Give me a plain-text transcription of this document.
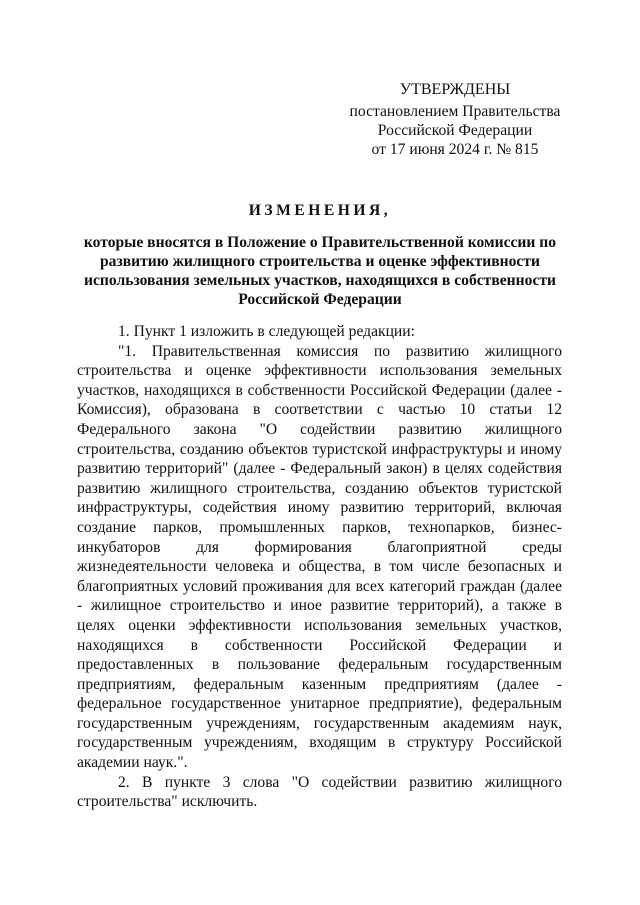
УТВЕРЖДЕНЫ
постановлением Правительства
Российской Федерации
от 17 июня 2024 г. № 815
ИЗМЕНЕНИЯ,
которые вносятся в Положение о Правительственной комиссии по развитию жилищного строительства и оценке эффективности использования земельных участков, находящихся в собственности Российской Федерации

1. Пункт 1 изложить в следующей редакции:

"1. Правительственная комиссия по развитию жилищного строительства и оценке эффективности использования земельных участков, находящихся в собственности Российской Федерации (далее - Комиссия), образована в соответствии с частью 10 статьи 12 Федерального закона "О содействии развитию жилищного строительства, созданию объектов туристской инфраструктуры и иному развитию территорий" (далее - Федеральный закон) в целях содействия развитию жилищного строительства, созданию объектов туристской инфраструктуры, содействия иному развитию территорий, включая создание парков, промышленных парков, технопарков, бизнес-инкубаторов для формирования благоприятной среды жизнедеятельности человека и общества, в том числе безопасных и благоприятных условий проживания для всех категорий граждан (далее - жилищное строительство и иное развитие территорий), а также в целях оценки эффективности использования земельных участков, находящихся в собственности Российской Федерации и предоставленных в пользование федеральным государственным предприятиям, федеральным казенным предприятиям (далее - федеральное государственное унитарное предприятие), федеральным государственным учреждениям, государственным академиям наук, государственным учреждениям, входящим в структуру Российской академии наук.".

2. В пункте 3 слова "О содействии развитию жилищного строительства" исключить.
